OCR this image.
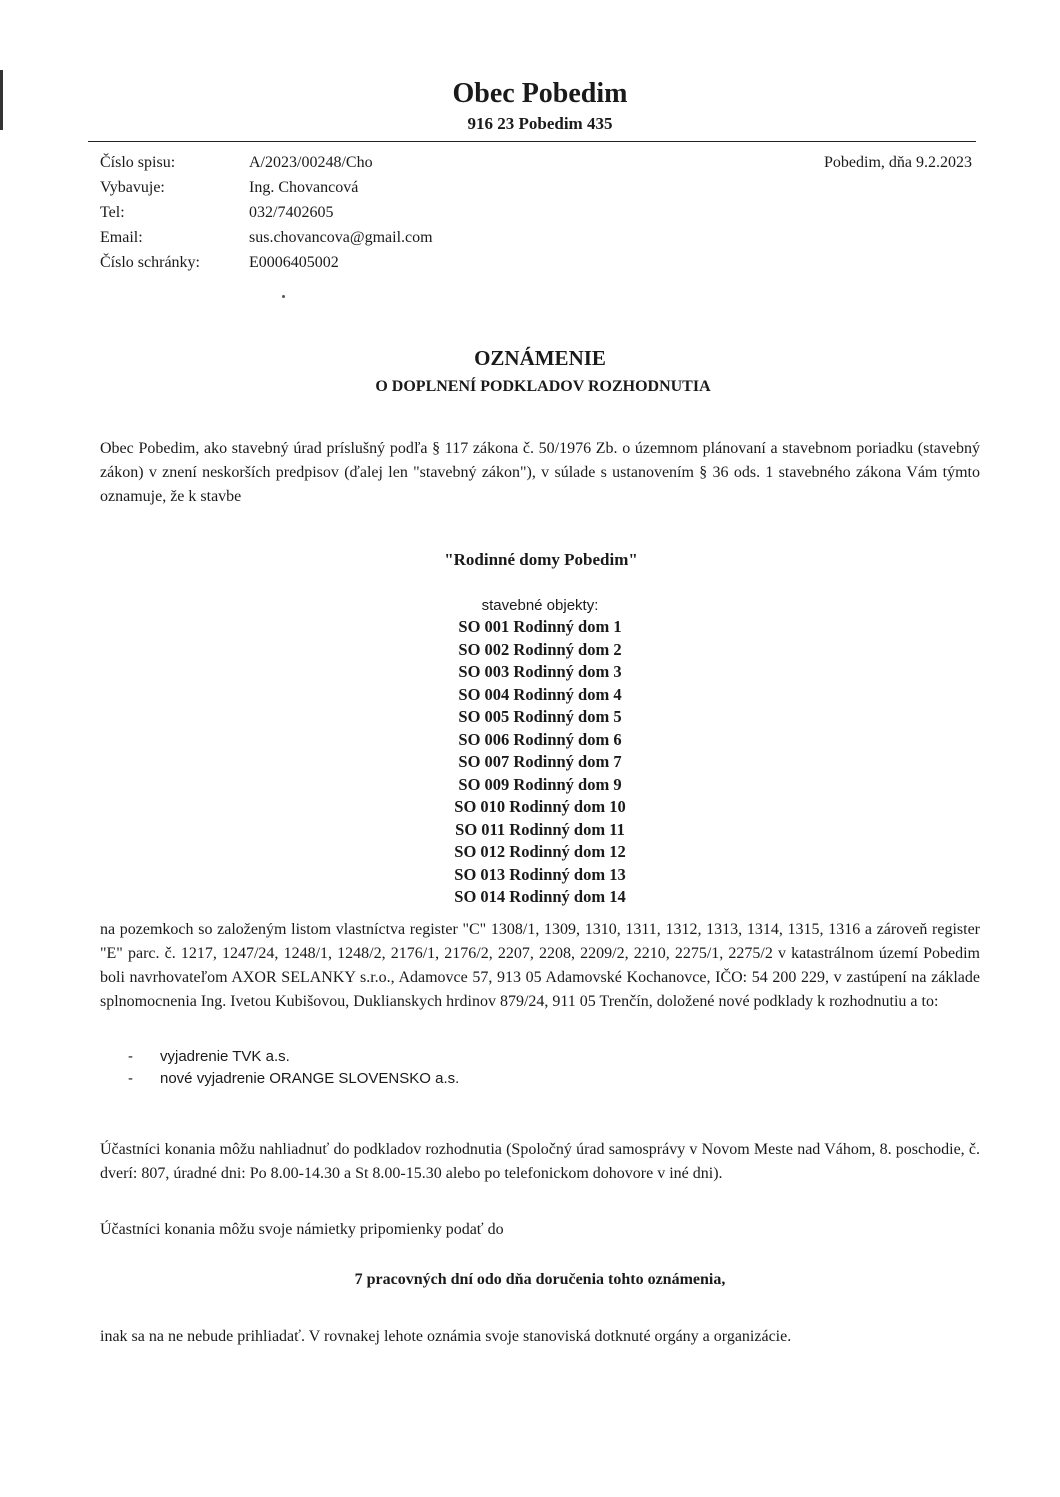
Obec Pobedim
916 23 Pobedim 435
Číslo spisu:	A/2023/00248/Cho
Vybavuje:	Ing. Chovancová
Tel:	032/7402605
Email:	sus.chovancova@gmail.com
Číslo schránky:	E0006405002
Pobedim, dňa 9.2.2023
OZNÁMENIE
O DOPLNENÍ PODKLADOV ROZHODNUTIA
Obec Pobedim, ako stavebný úrad príslušný podľa § 117 zákona č. 50/1976 Zb. o územnom plánovaní a stavebnom poriadku (stavebný zákon) v znení neskorších predpisov (ďalej len "stavebný zákon"), v súlade s ustanovením § 36 ods. 1 stavebného zákona Vám týmto oznamuje, že k stavbe
"Rodinné domy Pobedim"
stavebné objekty:
SO 001 Rodinný dom 1
SO 002 Rodinný dom 2
SO 003 Rodinný dom 3
SO 004 Rodinný dom 4
SO 005 Rodinný dom 5
SO 006 Rodinný dom 6
SO 007 Rodinný dom 7
SO 009 Rodinný dom 9
SO 010 Rodinný dom 10
SO 011 Rodinný dom 11
SO 012 Rodinný dom 12
SO 013 Rodinný dom 13
SO 014 Rodinný dom 14
na pozemkoch so založeným listom vlastníctva register "C" 1308/1, 1309, 1310, 1311, 1312, 1313, 1314, 1315, 1316 a zároveň register "E" parc. č. 1217, 1247/24, 1248/1, 1248/2, 2176/1, 2176/2, 2207, 2208, 2209/2, 2210, 2275/1, 2275/2 v katastrálnom území Pobedim boli navrhovateľom AXOR SELANKY s.r.o., Adamovce 57, 913 05 Adamovské Kochanovce, IČO: 54 200 229, v zastúpení na základe splnomocnenia Ing. Ivetou Kubišovou, Duklianskych hrdinov 879/24, 911 05 Trenčín, doložené nové podklady k rozhodnutiu a to:
-	vyjadrenie TVK a.s.
-	nové vyjadrenie ORANGE SLOVENSKO a.s.
Účastníci konania môžu nahliadnuť do podkladov rozhodnutia (Spoločný úrad samosprávy v Novom Meste nad Váhom, 8. poschodie, č. dverí: 807, úradné dni: Po 8.00-14.30 a St 8.00-15.30 alebo po telefonickom dohovore v iné dni).
Účastníci konania môžu svoje námietky pripomienky podať do
7 pracovných dní odo dňa doručenia tohto oznámenia,
inak sa na ne nebude prihliadať. V rovnakej lehote oznámia svoje stanoviská dotknuté orgány a organizácie.
